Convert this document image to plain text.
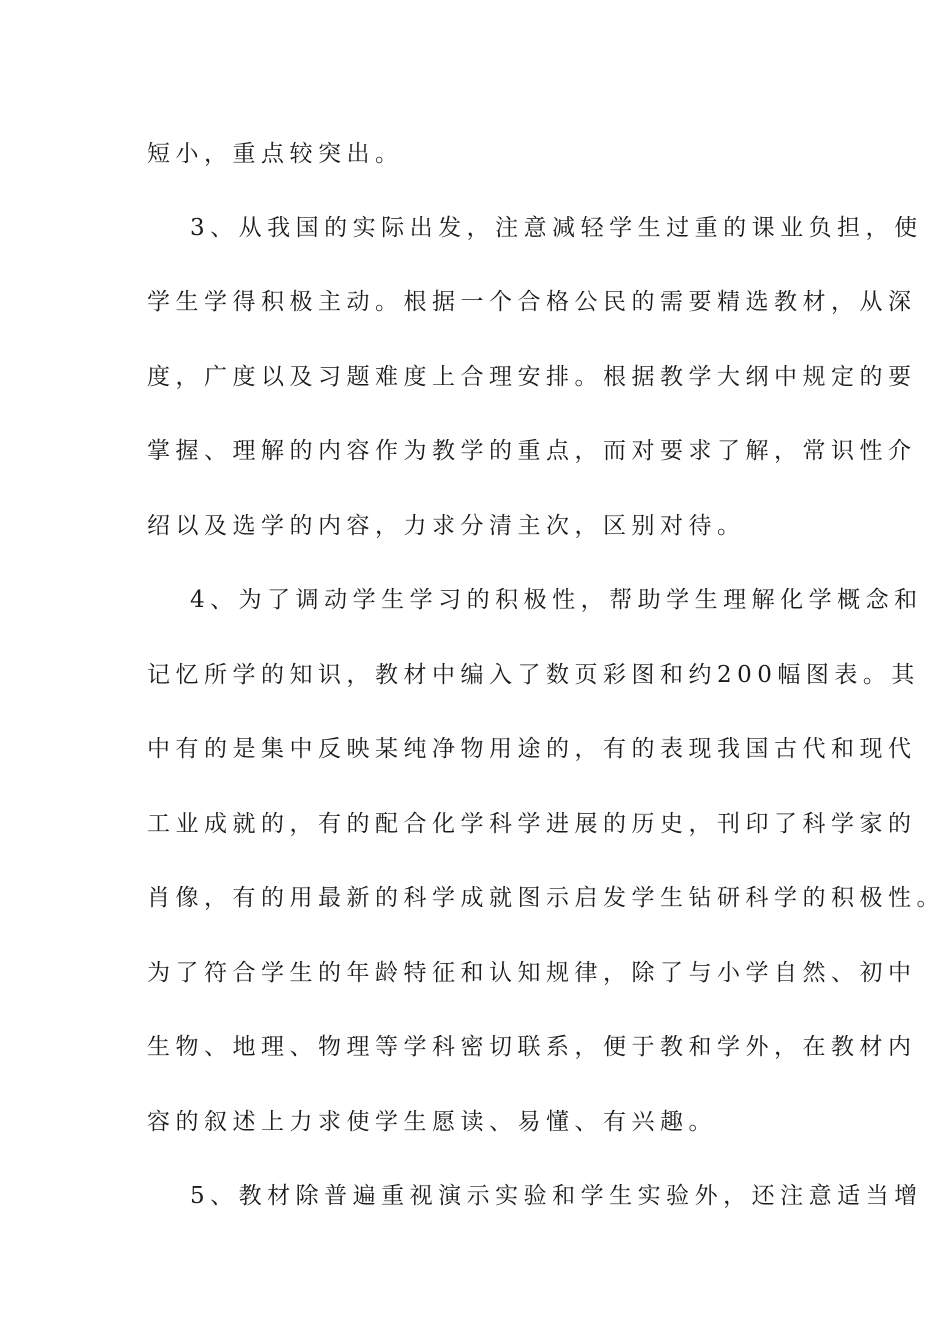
短小，重点较突出。
3、从我国的实际出发，注意减轻学生过重的课业负担，使
学生学得积极主动。根据一个合格公民的需要精选教材，从深
度，广度以及习题难度上合理安排。根据教学大纲中规定的要
掌握、理解的内容作为教学的重点，而对要求了解，常识性介
绍以及选学的内容，力求分清主次，区别对待。
4、为了调动学生学习的积极性，帮助学生理解化学概念和
记忆所学的知识，教材中编入了数页彩图和约200幅图表。其
中有的是集中反映某纯净物用途的，有的表现我国古代和现代
工业成就的，有的配合化学科学进展的历史，刊印了科学家的
肖像，有的用最新的科学成就图示启发学生钻研科学的积极性。
为了符合学生的年龄特征和认知规律，除了与小学自然、初中
生物、地理、物理等学科密切联系，便于教和学外，在教材内
容的叙述上力求使学生愿读、易懂、有兴趣。
5、教材除普遍重视演示实验和学生实验外，还注意适当增
